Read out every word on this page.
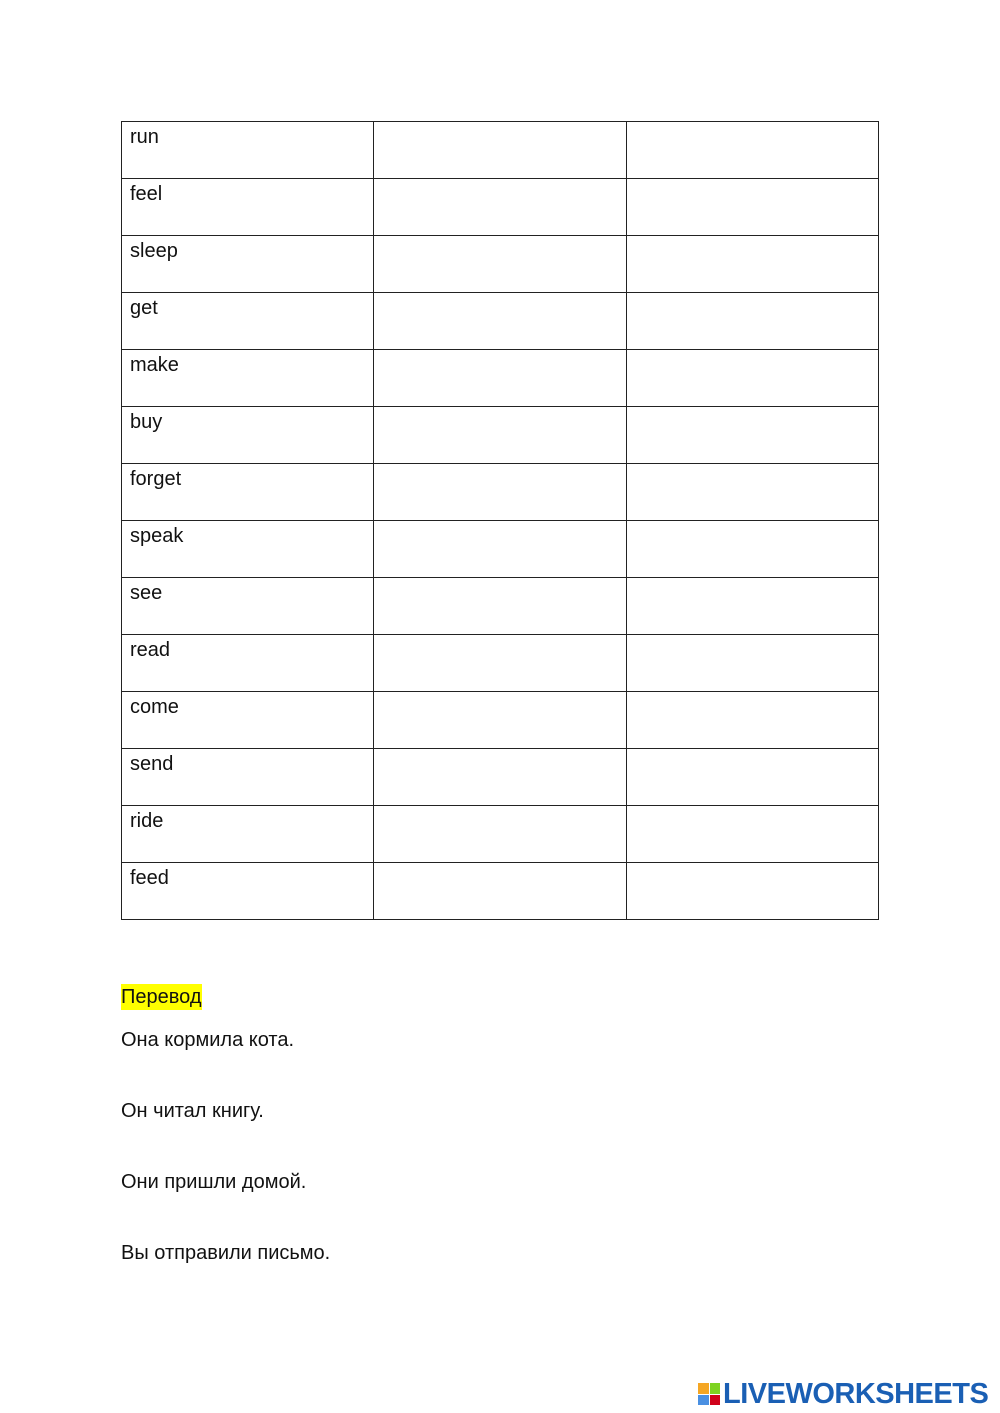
run		
feel		
sleep		
get		
make		
buy		
forget		
speak		
see		
read		
come		
send		
ride		
feed		
Перевод
Она кормила кота.
Он читал книгу.
Они пришли домой.
Вы отправили письмо.
LIVEWORKSHEETS
